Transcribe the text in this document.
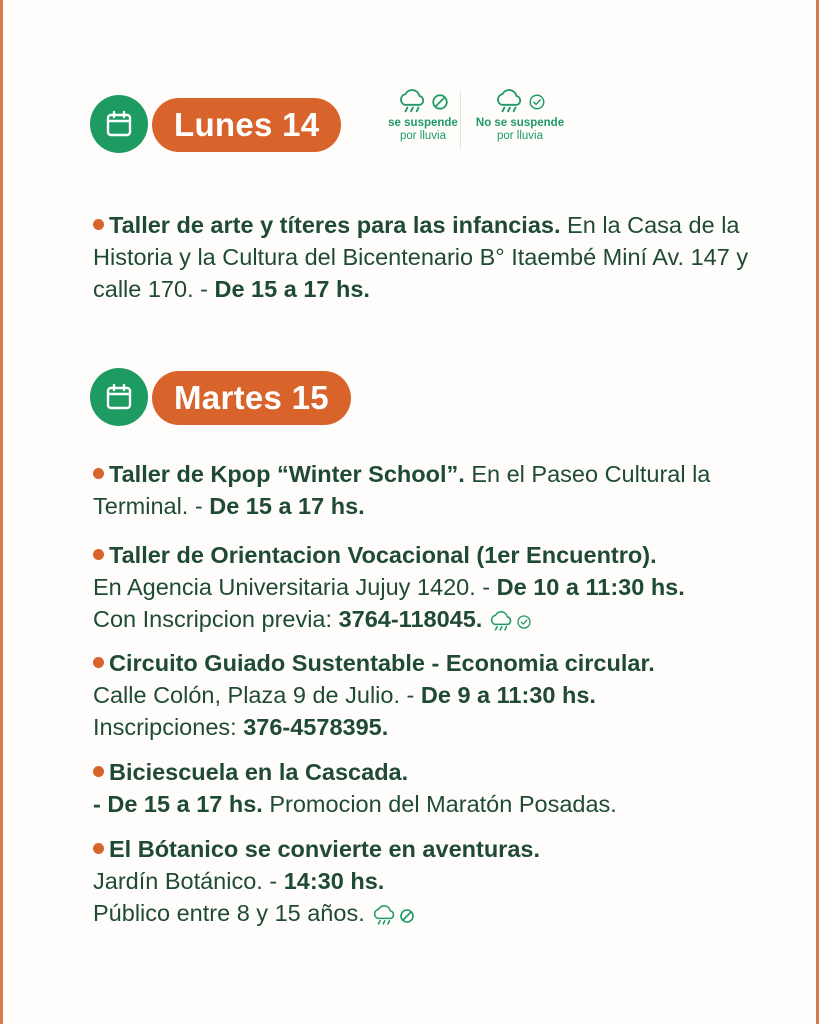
Lunes 14	se suspende
por lluvia
No se suspende
por lluvia
Taller de arte y títeres para las infancias. En la Casa de la Historia y la Cultura del Bicentenario B° Itaembé Miní Av. 147 y calle 170. - De 15 a 17 hs.
Martes 15
Taller de Kpop “Winter School”. En el Paseo Cultural la Terminal. - De 15 a 17 hs.
Taller de Orientacion Vocacional (1er Encuentro).
En Agencia Universitaria Jujuy 1420. - De 10 a 11:30 hs.
Con Inscripcion previa: 3764-118045.
Circuito Guiado Sustentable - Economia circular.
Calle Colón, Plaza 9 de Julio. - De 9 a 11:30 hs.
Inscripciones: 376-4578395.
Biciescuela en la Cascada.
- De 15 a 17 hs. Promocion del Maratón Posadas.
El Bótanico se convierte en aventuras.
Jardín Botánico. - 14:30 hs.
Público entre 8 y 15 años.
